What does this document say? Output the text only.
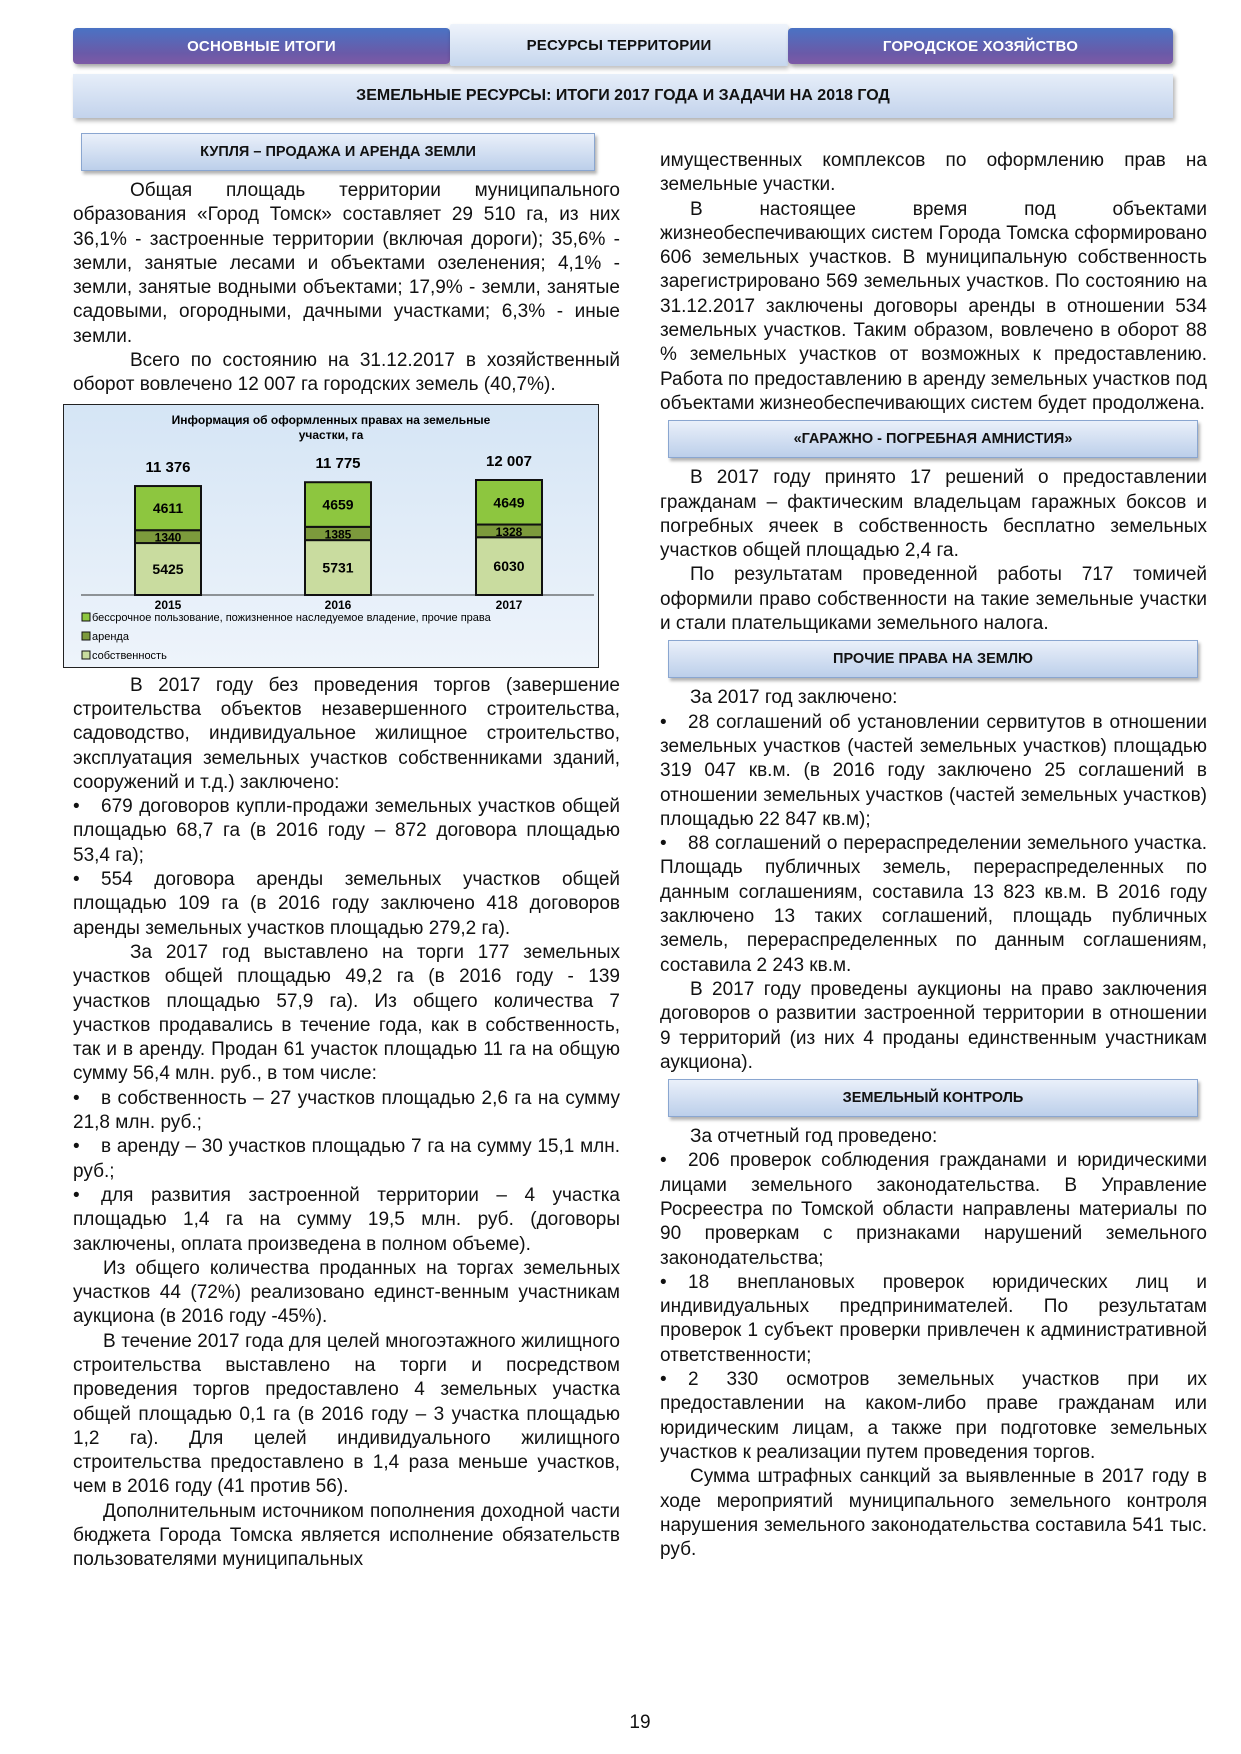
ОСНОВНЫЕ ИТОГИ	РЕСУРСЫ ТЕРРИТОРИИ	ГОРОДСКОЕ ХОЗЯЙСТВО
ЗЕМЕЛЬНЫЕ РЕСУРСЫ: ИТОГИ 2017 ГОДА И ЗАДАЧИ НА 2018 ГОД
КУПЛЯ – ПРОДАЖА И АРЕНДА ЗЕМЛИ

Общая площадь территории муниципального образования «Город Томск» составляет 29 510 га, из них 36,1% - застроенные территории (включая дороги); 35,6% - земли, занятые лесами и объектами озеленения; 4,1% - земли, занятые водными объектами; 17,9% - земли, занятые садовыми, огородными, дачными участками; 6,3% - иные земли.

Всего по состоянию на 31.12.2017 в хозяйственный оборот вовлечено 12 007 га городских земель (40,7%).

Информация об оформленных правах на земельные
участки, га
5425
1340
4611
11 376
2015
5731
1385
4659
11 775
2016
6030
1328
4649
12 007
2017
бессрочное пользование, пожизненное наследуемое владение, прочие права
аренда
собственность

В 2017 году без проведения торгов (завершение строительства объектов незавершенного строительства, садоводство, индивидуальное жилищное строительство, эксплуатация земельных участков собственниками зданий, сооружений и т.д.) заключено:

• 679 договоров купли-продажи земельных участков общей площадью 68,7 га (в 2016 году – 872 договора площадью 53,4 га);

• 554 договора аренды земельных участков общей площадью 109 га (в 2016 году заключено 418 договоров аренды земельных участков площадью 279,2 га).

За 2017 год выставлено на торги 177 земельных участков общей площадью 49,2 га (в 2016 году - 139 участков площадью 57,9 га). Из общего количества 7 участков продавались в течение года, как в собственность, так и в аренду. Продан 61 участок площадью 11 га на общую сумму 56,4 млн. руб., в том числе:

• в собственность – 27 участков площадью 2,6 га на сумму 21,8 млн. руб.;

• в аренду – 30 участков площадью 7 га на сумму 15,1 млн. руб.;

• для развития застроенной территории – 4 участка площадью 1,4 га на сумму 19,5 млн. руб. (договоры заключены, оплата произведена в полном объеме).

Из общего количества проданных на торгах земельных участков 44 (72%) реализовано единст-венным участникам аукциона (в 2016 году -45%).

В течение 2017 года для целей многоэтажного жилищного строительства выставлено на торги и посредством проведения торгов предоставлено 4 земельных участка общей площадью 0,1 га (в 2016 году – 3 участка площадью 1,2 га). Для целей индивидуального жилищного строительства предоставлено в 1,4 раза меньше участков, чем в 2016 году (41 против 56).

Дополнительным источником пополнения доходной части бюджета Города Томска является исполнение обязательств пользователями муниципальных

имущественных комплексов по оформлению прав на земельные участки.

В настоящее время под объектами жизнеобеспечивающих систем Города Томска сформировано 606 земельных участков. В муниципальную собственность зарегистрировано 569 земельных участков. По состоянию на 31.12.2017 заключены договоры аренды в отношении 534 земельных участков. Таким образом, вовлечено в оборот 88 % земельных участков от возможных к предоставлению. Работа по предоставлению в аренду земельных участков под объектами жизнеобеспечивающих систем будет продолжена.

«ГАРАЖНО - ПОГРЕБНАЯ АМНИСТИЯ»

В 2017 году принято 17 решений о предоставлении гражданам – фактическим владельцам гаражных боксов и погребных ячеек в собственность бесплатно земельных участков общей площадью 2,4 га.

По результатам проведенной работы 717 томичей оформили право собственности на такие земельные участки и стали плательщиками земельного налога.

ПРОЧИЕ ПРАВА НА ЗЕМЛЮ

За 2017 год заключено:

• 28 соглашений об установлении сервитутов в отношении земельных участков (частей земельных участков) площадью 319 047 кв.м. (в 2016 году заключено 25 соглашений в отношении земельных участков (частей земельных участков) площадью 22 847 кв.м);

• 88 соглашений о перераспределении земельного участка. Площадь публичных земель, перераспределенных по данным соглашениям, составила 13 823 кв.м. В 2016 году заключено 13 таких соглашений, площадь публичных земель, перераспределенных по данным соглашениям, составила 2 243 кв.м.

В 2017 году проведены аукционы на право заключения договоров о развитии застроенной территории в отношении 9 территорий (из них 4 проданы единственным участникам аукциона).

ЗЕМЕЛЬНЫЙ КОНТРОЛЬ

За отчетный год проведено:

• 206 проверок соблюдения гражданами и юридическими лицами земельного законодательства. В Управление Росреестра по Томской области направлены материалы по 90 проверкам с признаками нарушений земельного законодательства;

• 18 внеплановых проверок юридических лиц и индивидуальных предпринимателей. По результатам проверок 1 субъект проверки привлечен к административной ответственности;

• 2 330 осмотров земельных участков при их предоставлении на каком-либо праве гражданам или юридическим лицам, а также при подготовке земельных участков к реализации путем проведения торгов.

Сумма штрафных санкций за выявленные в 2017 году в ходе мероприятий муниципального земельного контроля нарушения земельного законодательства составила 541 тыс. руб.

19
